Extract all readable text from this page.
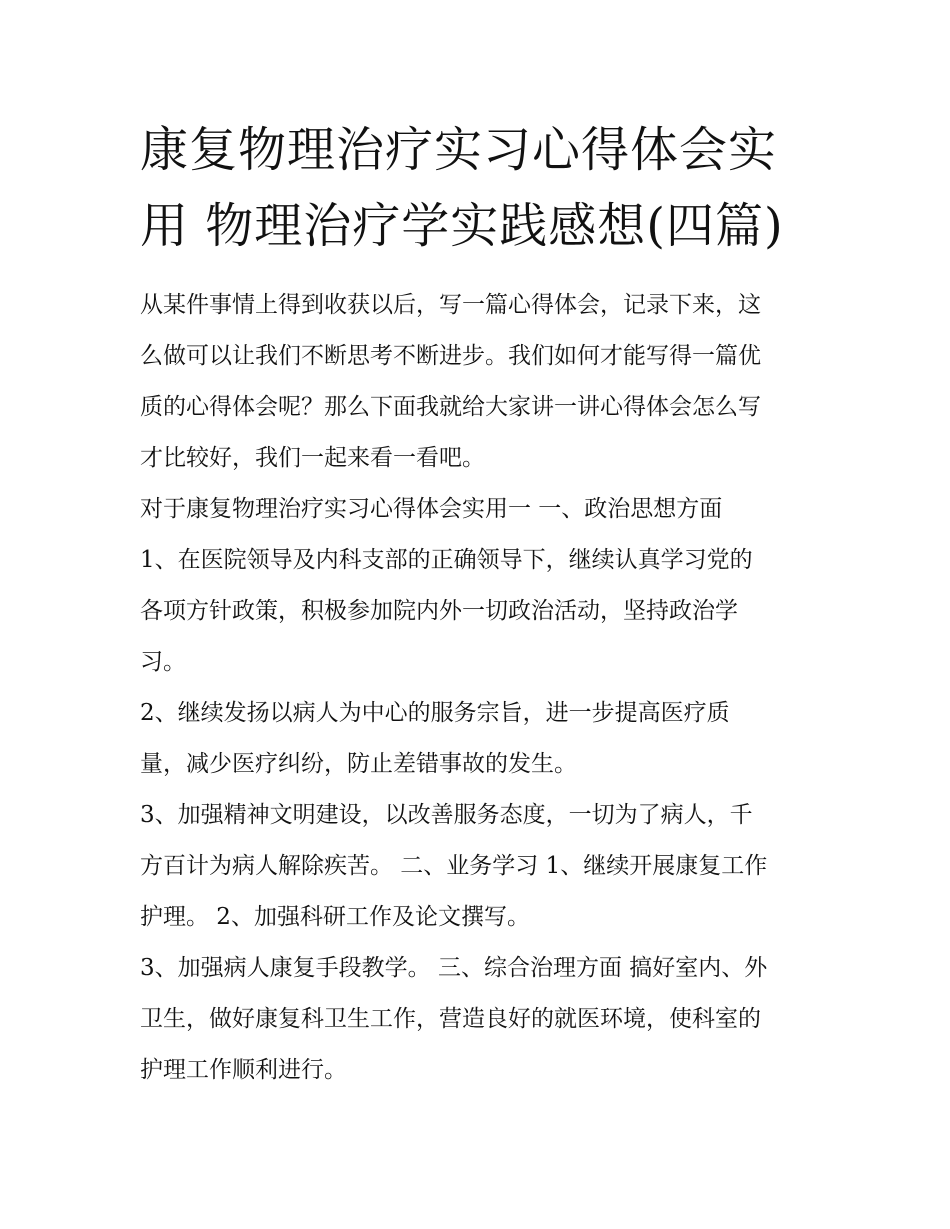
康复物理治疗实习心得体会实
用 物理治疗学实践感想(四篇)

从某件事情上得到收获以后，写一篇心得体会，记录下来，这
么做可以让我们不断思考不断进步。我们如何才能写得一篇优
质的心得体会呢？那么下面我就给大家讲一讲心得体会怎么写
才比较好，我们一起来看一看吧。

对于康复物理治疗实习心得体会实用一 一、政治思想方面

1、在医院领导及内科支部的正确领导下，继续认真学习党的
各项方针政策，积极参加院内外一切政治活动，坚持政治学
习。

2、继续发扬以病人为中心的服务宗旨，进一步提高医疗质
量，减少医疗纠纷，防止差错事故的发生。

3、加强精神文明建设，以改善服务态度，一切为了病人，千
方百计为病人解除疾苦。 二、业务学习 1、继续开展康复工作
护理。 2、加强科研工作及论文撰写。

3、加强病人康复手段教学。 三、综合治理方面 搞好室内、外
卫生，做好康复科卫生工作，营造良好的就医环境，使科室的
护理工作顺利进行。
